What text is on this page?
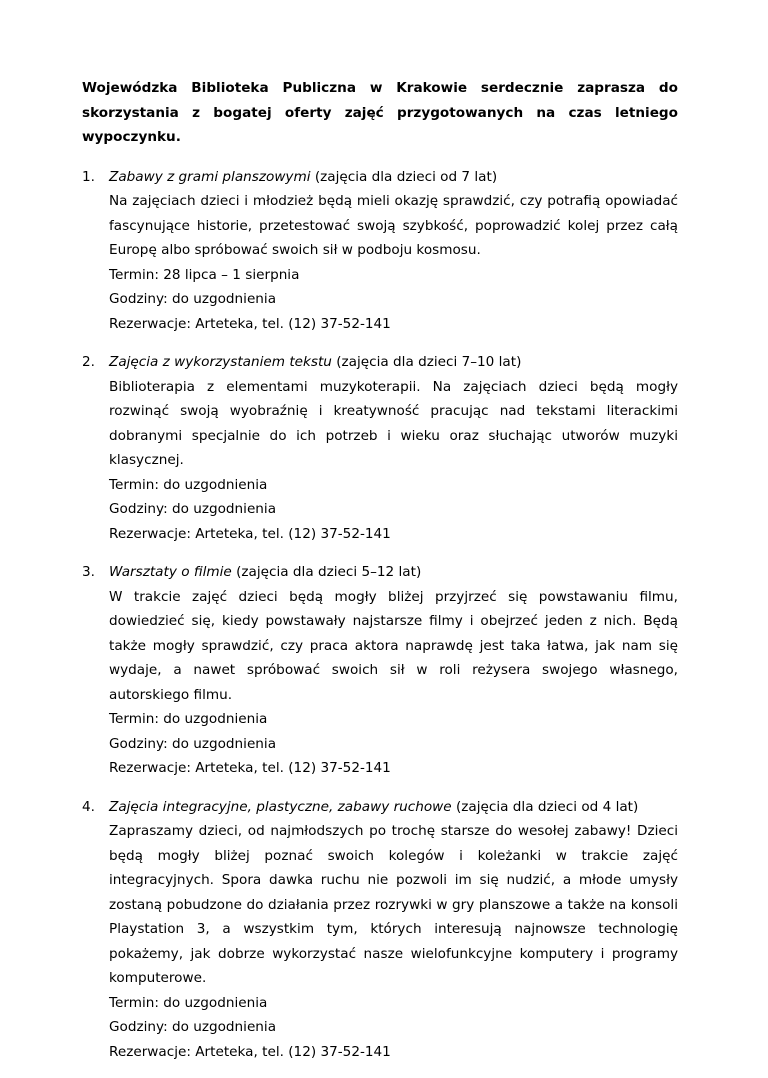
Wojewódzka Biblioteka Publiczna w Krakowie serdecznie zaprasza do skorzystania z bogatej oferty zajęć przygotowanych na czas letniego wypoczynku.

1.	Zabawy z grami planszowymi (zajęcia dla dzieci od 7 lat)

Na zajęciach dzieci i młodzież będą mieli okazję sprawdzić, czy potrafią opowiadać fascynujące historie, przetestować swoją szybkość, poprowadzić kolej przez całą Europę albo spróbować swoich sił w podboju kosmosu.

Termin: 28 lipca – 1 sierpnia

Godziny: do uzgodnienia

Rezerwacje: Arteteka, tel. (12) 37-52-141

2.	Zajęcia z wykorzystaniem tekstu (zajęcia dla dzieci 7–10 lat)

Biblioterapia z elementami muzykoterapii. Na zajęciach dzieci będą mogły rozwinąć swoją wyobraźnię i kreatywność pracując nad tekstami literackimi dobranymi specjalnie do ich potrzeb i wieku oraz słuchając utworów muzyki klasycznej.

Termin: do uzgodnienia

Godziny: do uzgodnienia

Rezerwacje: Arteteka, tel. (12) 37-52-141

3.	Warsztaty o filmie (zajęcia dla dzieci 5–12 lat)

W trakcie zajęć dzieci będą mogły bliżej przyjrzeć się powstawaniu filmu, dowiedzieć się, kiedy powstawały najstarsze filmy i obejrzeć jeden z nich. Będą także mogły sprawdzić, czy praca aktora naprawdę jest taka łatwa, jak nam się wydaje, a nawet spróbować swoich sił w roli reżysera swojego własnego, autorskiego filmu.

Termin: do uzgodnienia

Godziny: do uzgodnienia

Rezerwacje: Arteteka, tel. (12) 37-52-141

4.	Zajęcia integracyjne, plastyczne, zabawy ruchowe (zajęcia dla dzieci od 4 lat)

Zapraszamy dzieci, od najmłodszych po trochę starsze do wesołej zabawy! Dzieci będą mogły bliżej poznać swoich kolegów i koleżanki w trakcie zajęć integracyjnych. Spora dawka ruchu nie pozwoli im się nudzić, a młode umysły zostaną pobudzone do działania przez rozrywki w gry planszowe a także na konsoli Playstation 3, a wszystkim tym, których interesują najnowsze technologię pokażemy, jak dobrze wykorzystać nasze wielofunkcyjne komputery i programy komputerowe.

Termin: do uzgodnienia

Godziny: do uzgodnienia

Rezerwacje: Arteteka, tel. (12) 37-52-141
